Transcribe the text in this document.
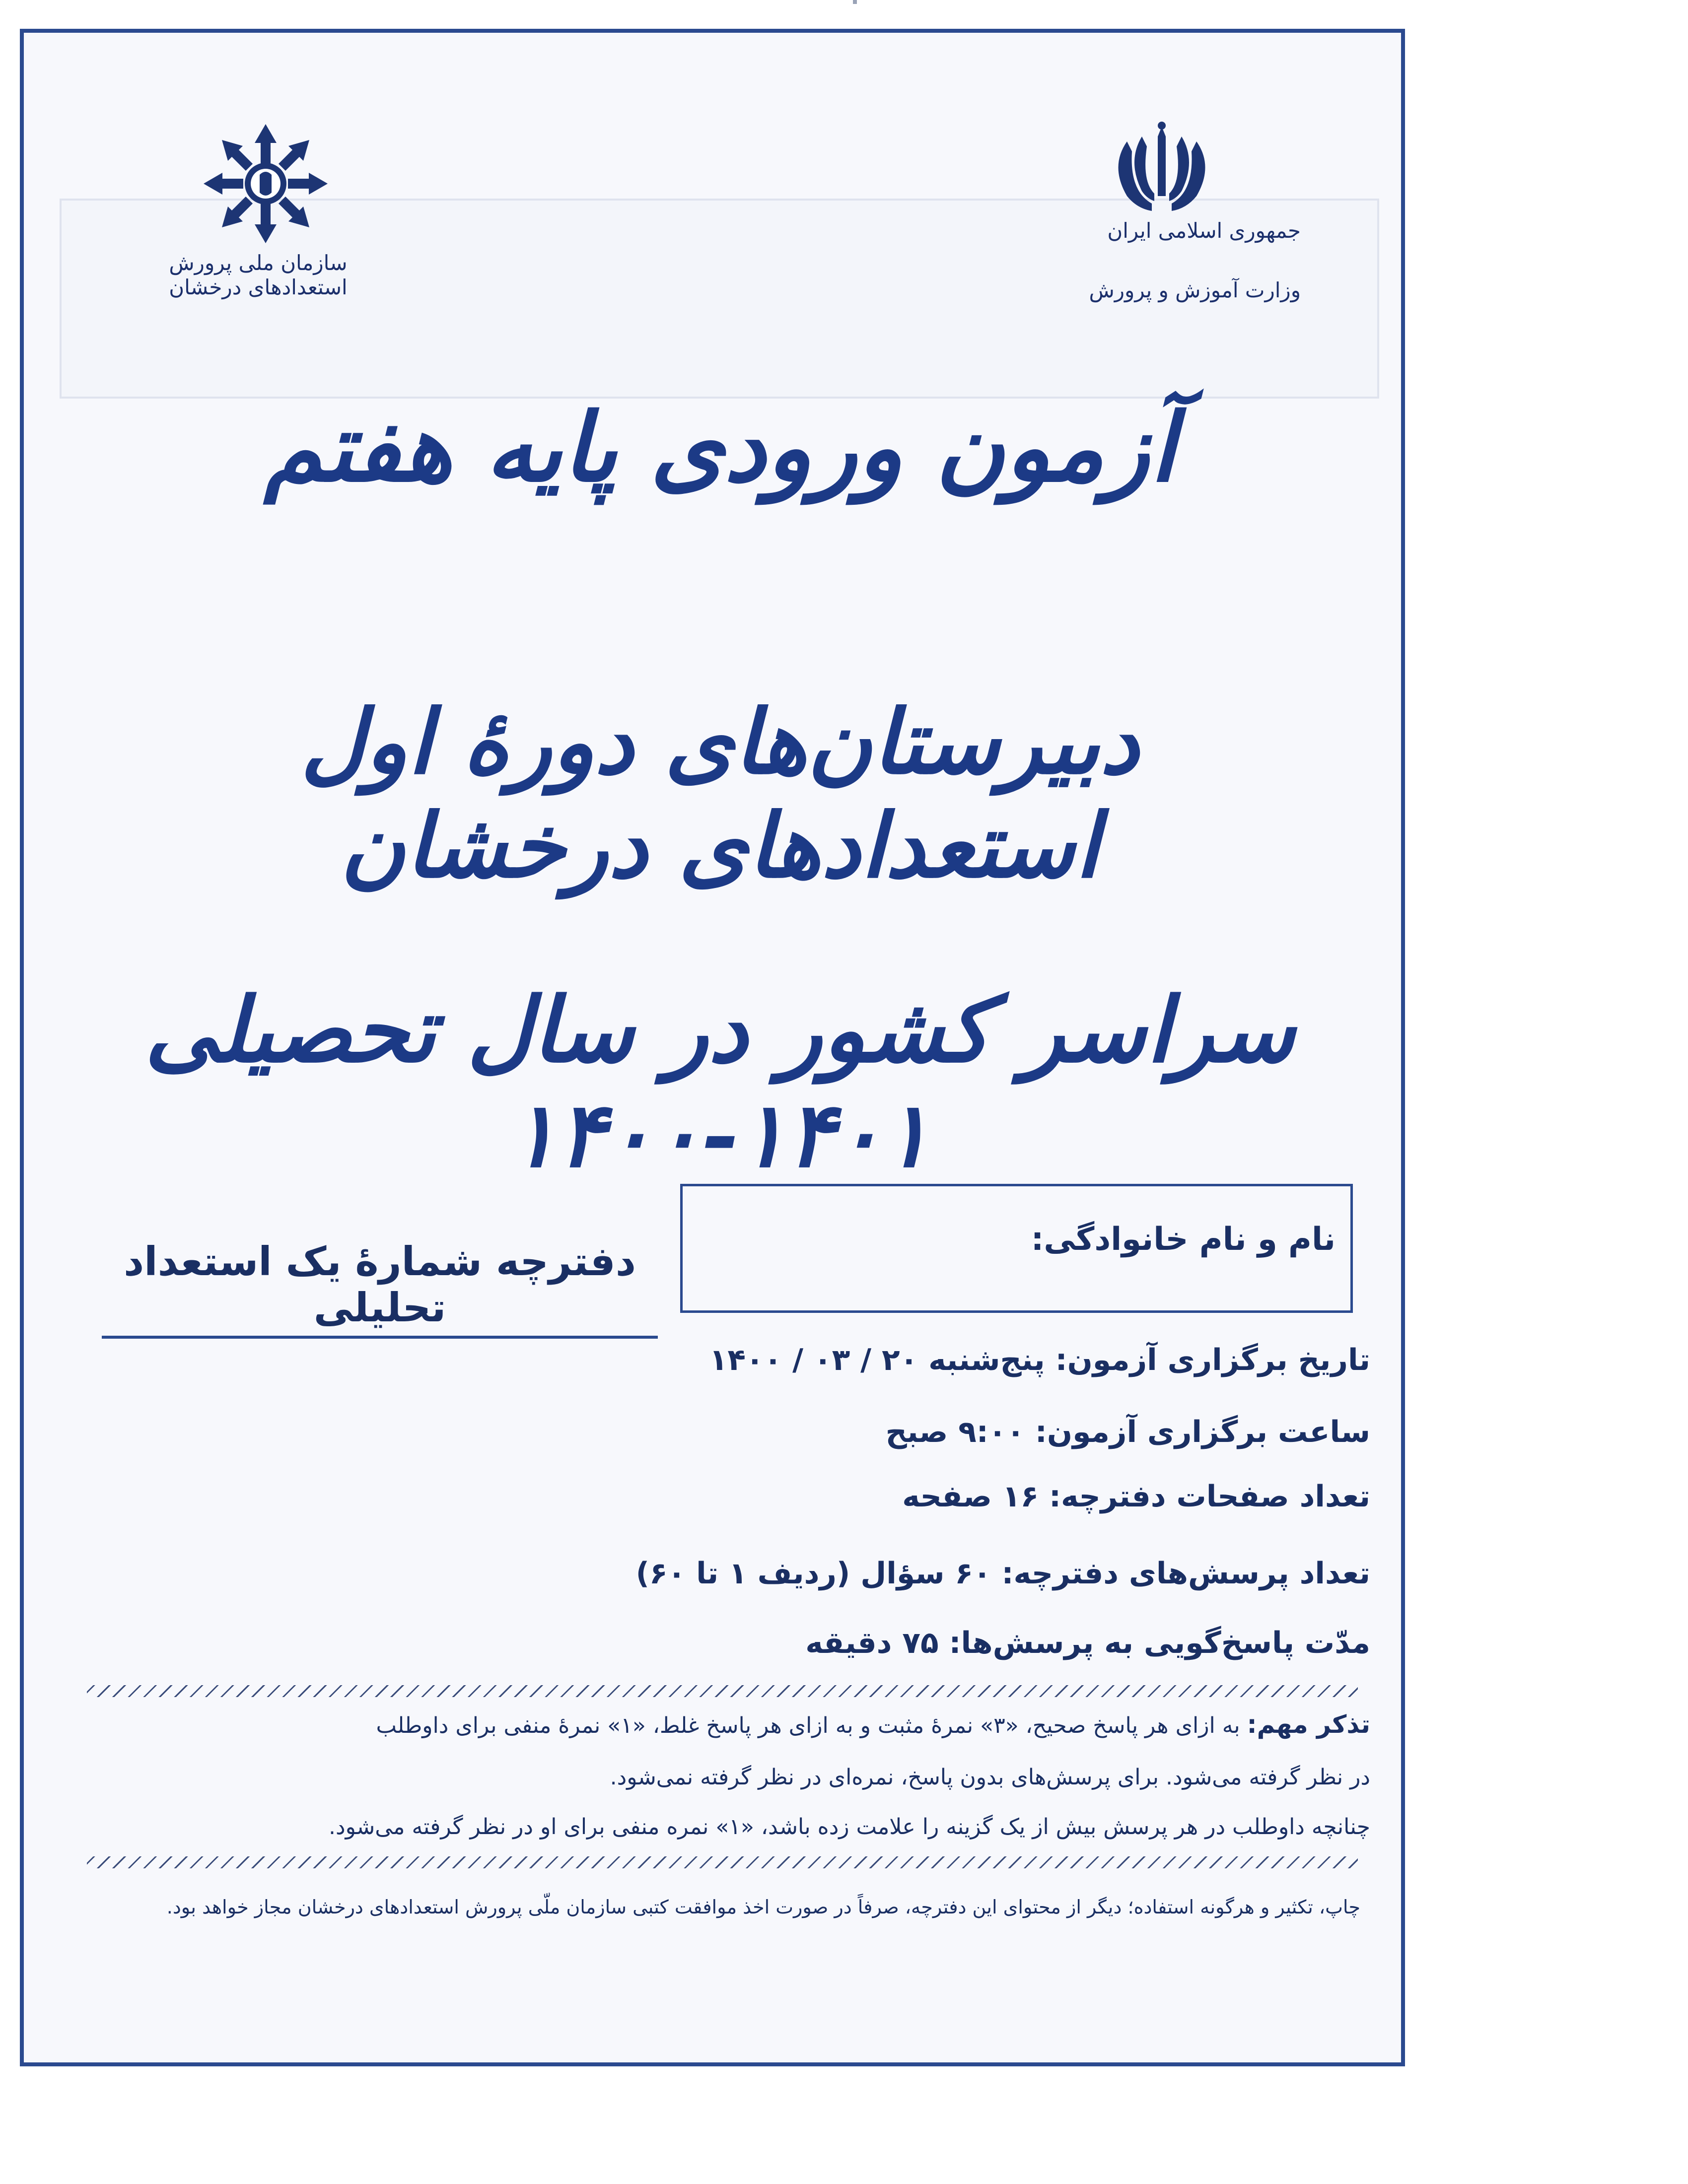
سازمان ملی پرورش استعدادهای درخشان
جمهوری اسلامی ایران
وزارت آموزش و پرورش
آزمون ورودی پایه هفتم
دبیرستان‌های دورهٔ اول استعدادهای درخشان
سراسر کشور در سال تحصیلی ۱۴۰۱-۱۴۰۰
نام و نام خانوادگی:
دفترچه شمارهٔ یک استعداد تحلیلی
تاریخ برگزاری آزمون: پنج‌شنبه ۲۰ / ۰۳ / ۱۴۰۰
ساعت برگزاری آزمون: ۹:۰۰ صبح
تعداد صفحات دفترچه: ۱۶ صفحه
تعداد پرسش‌های دفترچه: ۶۰ سؤال (ردیف ۱ تا ۶۰)
مدّت پاسخ‌گویی به پرسش‌ها: ۷۵ دقیقه
تذکر مهم: به ازای هر پاسخ صحیح، «۳» نمرهٔ مثبت و به ازای هر پاسخ غلط، «۱» نمرهٔ منفی برای داوطلب
در نظر گرفته می‌شود. برای پرسش‌های بدون پاسخ، نمره‌ای در نظر گرفته نمی‌شود.
چنانچه داوطلب در هر پرسش بیش از یک گزینه را علامت زده باشد، «۱» نمره منفی برای او در نظر گرفته می‌شود.
چاپ، تکثیر و هرگونه استفاده؛ دیگر از محتوای این دفترچه، صرفاً در صورت اخذ موافقت کتبی سازمان ملّی پرورش استعدادهای درخشان مجاز خواهد بود.
